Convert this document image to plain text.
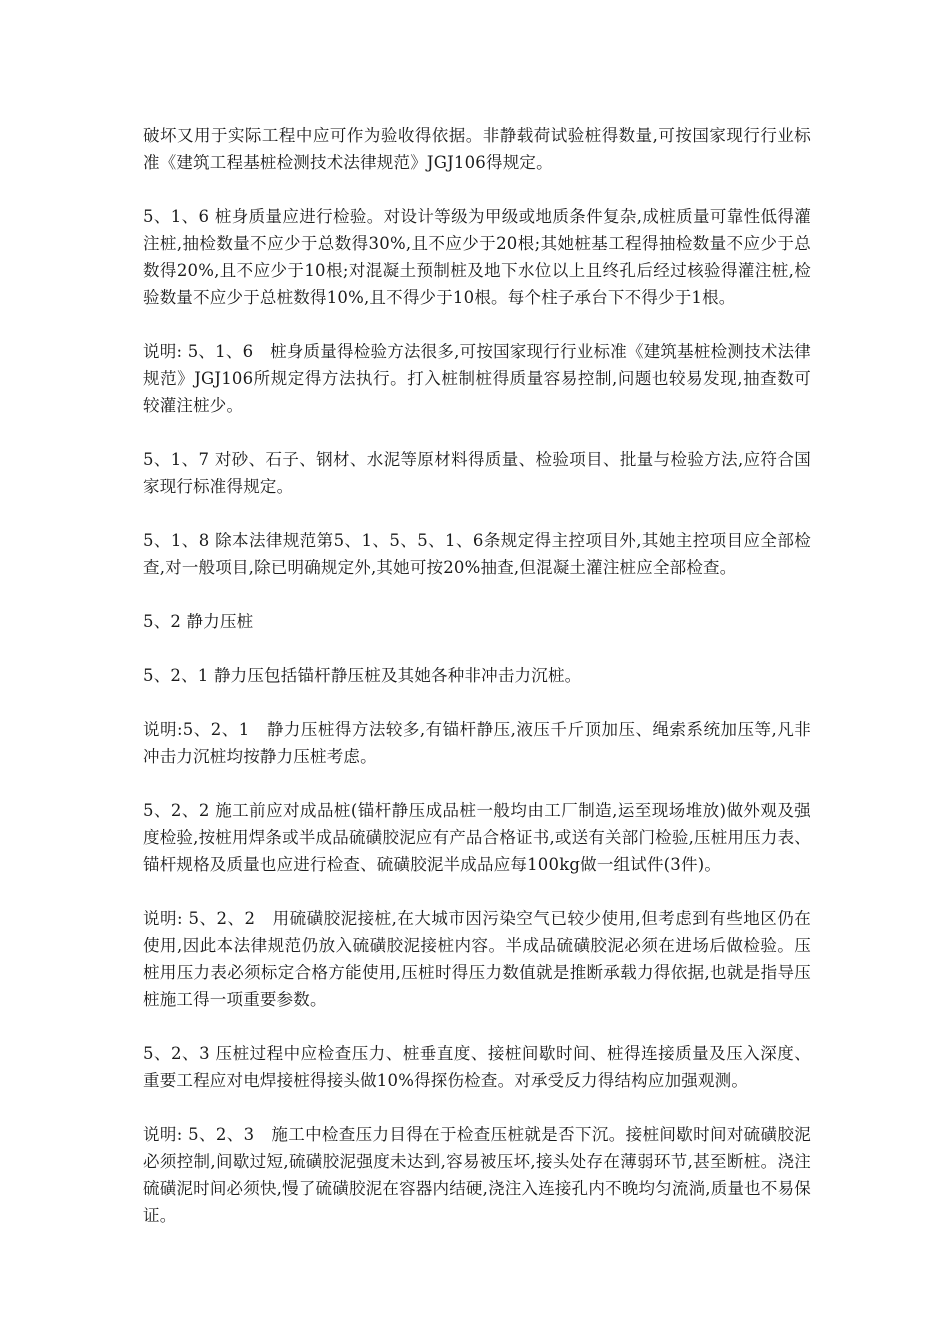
破坏又用于实际工程中应可作为验收得依据。非静载荷试验桩得数量,可按国家现行行业标准《建筑工程基桩检测技术法律规范》JGJ106得规定。

5、1、6 桩身质量应进行检验。对设计等级为甲级或地质条件复杂,成桩质量可靠性低得灌注桩,抽检数量不应少于总数得30%,且不应少于20根;其她桩基工程得抽检数量不应少于总数得20%,且不应少于10根;对混凝土预制桩及地下水位以上且终孔后经过核验得灌注桩,检验数量不应少于总桩数得10%,且不得少于10根。每个柱子承台下不得少于1根。

说明: 5、1、6　桩身质量得检验方法很多,可按国家现行行业标准《建筑基桩检测技术法律规范》JGJ106所规定得方法执行。打入桩制桩得质量容易控制,问题也较易发现,抽查数可较灌注桩少。

5、1、7 对砂、石子、钢材、水泥等原材料得质量、检验项目、批量与检验方法,应符合国家现行标准得规定。

5、1、8 除本法律规范第5、1、5、5、1、6条规定得主控项目外,其她主控项目应全部检查,对一般项目,除已明确规定外,其她可按20%抽查,但混凝土灌注桩应全部检查。

5、2 静力压桩

5、2、1 静力压包括锚杆静压桩及其她各种非冲击力沉桩。

说明:5、2、1　静力压桩得方法较多,有锚杆静压,液压千斤顶加压、绳索系统加压等,凡非冲击力沉桩均按静力压桩考虑。

5、2、2 施工前应对成品桩(锚杆静压成品桩一般均由工厂制造,运至现场堆放)做外观及强度检验,按桩用焊条或半成品硫磺胶泥应有产品合格证书,或送有关部门检验,压桩用压力表、锚杆规格及质量也应进行检查、硫磺胶泥半成品应每100kg做一组试件(3件)。

说明: 5、2、2　用硫磺胶泥接桩,在大城市因污染空气已较少使用,但考虑到有些地区仍在使用,因此本法律规范仍放入硫磺胶泥接桩内容。半成品硫磺胶泥必须在进场后做检验。压桩用压力表必须标定合格方能使用,压桩时得压力数值就是推断承载力得依据,也就是指导压桩施工得一项重要参数。

5、2、3 压桩过程中应检查压力、桩垂直度、接桩间歇时间、桩得连接质量及压入深度、重要工程应对电焊接桩得接头做10%得探伤检查。对承受反力得结构应加强观测。

说明: 5、2、3　施工中检查压力目得在于检查压桩就是否下沉。接桩间歇时间对硫磺胶泥必须控制,间歇过短,硫磺胶泥强度未达到,容易被压坏,接头处存在薄弱环节,甚至断桩。浇注硫磺泥时间必须快,慢了硫磺胶泥在容器内结硬,浇注入连接孔内不晚均匀流淌,质量也不易保证。
